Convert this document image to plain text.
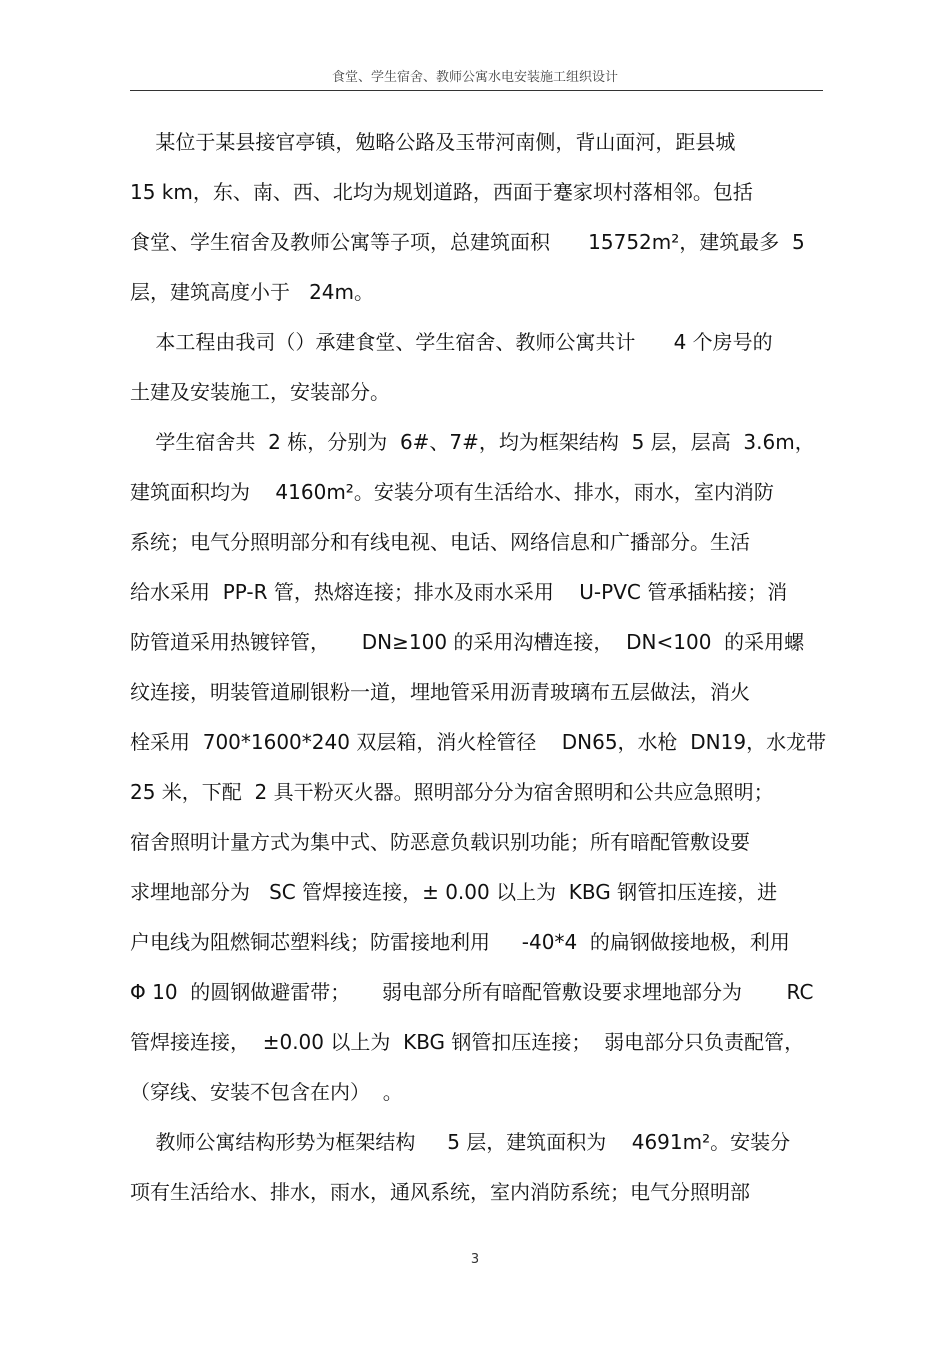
食堂、学生宿舍、教师公寓水电安装施工组织设计
某位于某县接官亭镇，勉略公路及玉带河南侧，背山面河，距县城
15 km，东、南、西、北均为规划道路，西面于蹇家坝村落相邻。包括
食堂、学生宿舍及教师公寓等子项，总建筑面积      15752m²，建筑最多  5
层，建筑高度小于   24m。
本工程由我司（）承建食堂、学生宿舍、教师公寓共计      4 个房号的
土建及安装施工，安装部分。
学生宿舍共  2 栋，分别为  6#、7#，均为框架结构  5 层，层高  3.6m，
建筑面积均为    4160m²。安装分项有生活给水、排水，雨水，室内消防
系统；电气分照明部分和有线电视、电话、网络信息和广播部分。生活
给水采用  PP-R 管，热熔连接；排水及雨水采用    U-PVC 管承插粘接；消
防管道采用热镀锌管，     DN≥100 的采用沟槽连接，  DN<100  的采用螺
纹连接，明装管道刷银粉一道，埋地管采用沥青玻璃布五层做法，消火
栓采用  700*1600*240 双层箱，消火栓管径    DN65，水枪  DN19，水龙带
25 米，下配  2 具干粉灭火器。照明部分分为宿舍照明和公共应急照明；
宿舍照明计量方式为集中式、防恶意负载识别功能；所有暗配管敷设要
求埋地部分为   SC 管焊接连接，± 0.00 以上为  KBG 钢管扣压连接，进
户电线为阻燃铜芯塑料线；防雷接地利用     -40*4  的扁钢做接地极，利用
Φ 10  的圆钢做避雷带；     弱电部分所有暗配管敷设要求埋地部分为       RC
管焊接连接，  ±0.00 以上为  KBG 钢管扣压连接；  弱电部分只负责配管，
（穿线、安装不包含在内）  。
教师公寓结构形势为框架结构     5 层，建筑面积为    4691m²。安装分
项有生活给水、排水，雨水，通风系统，室内消防系统；电气分照明部
3
